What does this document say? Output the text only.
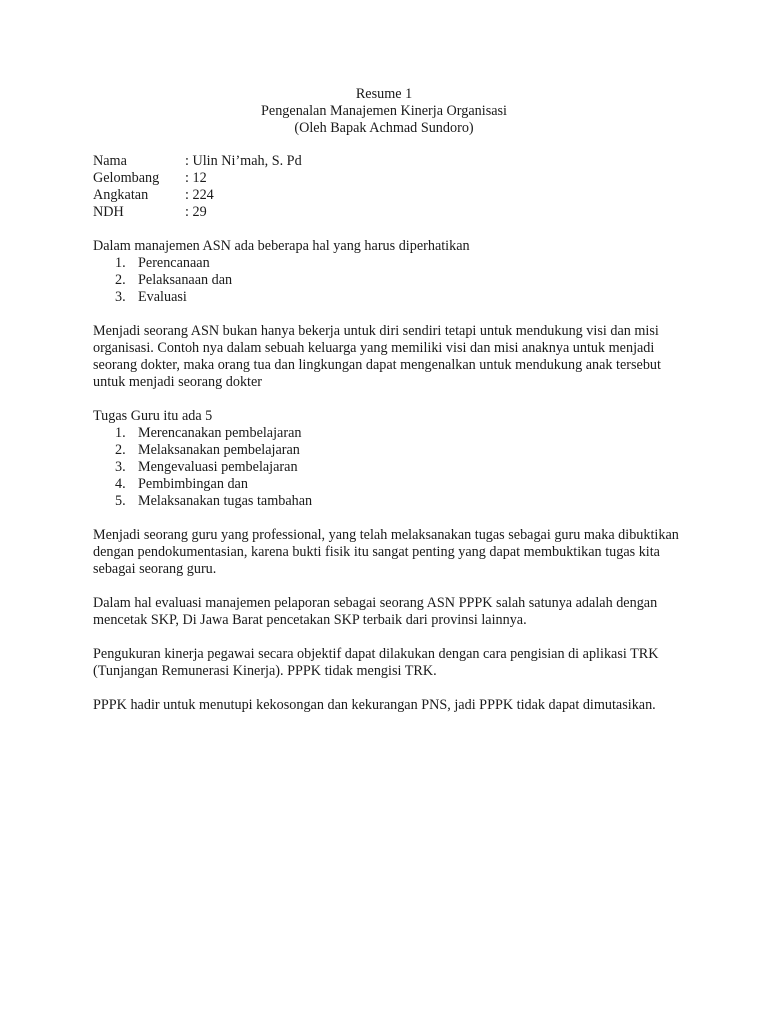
Resume 1
Pengenalan Manajemen Kinerja Organisasi
(Oleh Bapak Achmad Sundoro)
Nama	: Ulin Ni’mah, S. Pd
Gelombang	: 12
Angkatan	: 224
NDH	: 29

Dalam manajemen ASN ada beberapa hal yang harus diperhatikan

1. Perencanaan
2. Pelaksanaan dan
3. Evaluasi

Menjadi seorang ASN bukan hanya bekerja untuk diri sendiri tetapi untuk mendukung visi dan misi organisasi. Contoh nya dalam sebuah keluarga yang memiliki visi dan misi anaknya untuk menjadi seorang dokter, maka orang tua dan lingkungan dapat mengenalkan untuk mendukung anak tersebut untuk menjadi seorang dokter

Tugas Guru itu ada 5

1. Merencanakan pembelajaran
2. Melaksanakan pembelajaran
3. Mengevaluasi pembelajaran
4. Pembimbingan dan
5. Melaksanakan tugas tambahan

Menjadi seorang guru yang professional, yang telah melaksanakan tugas sebagai guru maka dibuktikan dengan pendokumentasian, karena bukti fisik itu sangat penting yang dapat membuktikan tugas kita sebagai seorang guru.

Dalam hal evaluasi manajemen pelaporan sebagai seorang ASN PPPK salah satunya adalah dengan mencetak SKP, Di Jawa Barat pencetakan SKP terbaik dari provinsi lainnya.

Pengukuran kinerja pegawai secara objektif dapat dilakukan dengan cara pengisian di aplikasi TRK (Tunjangan Remunerasi Kinerja). PPPK tidak mengisi TRK.

PPPK hadir untuk menutupi kekosongan dan kekurangan PNS, jadi PPPK tidak dapat dimutasikan.
